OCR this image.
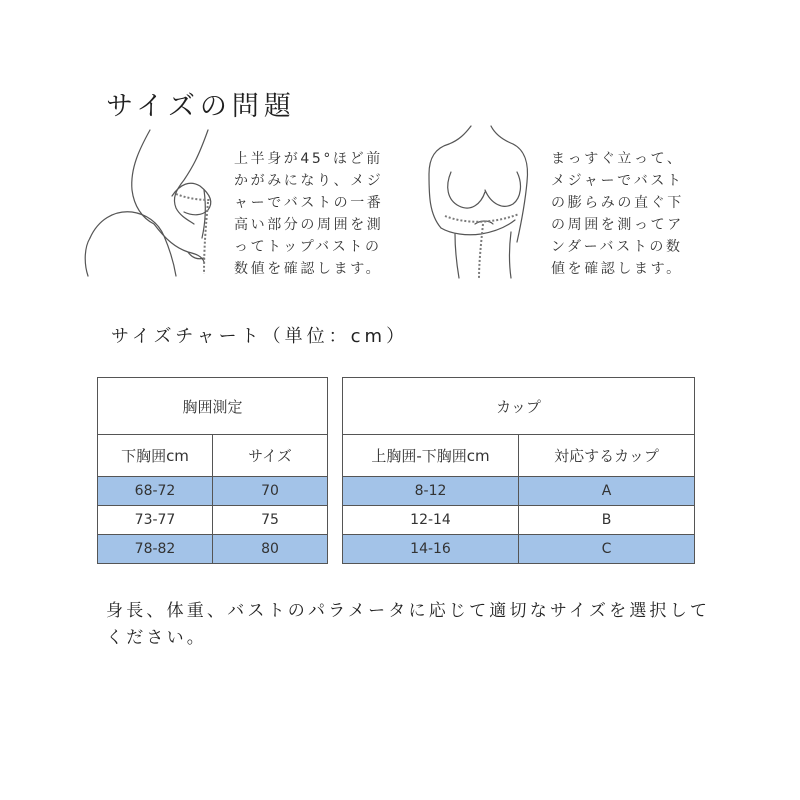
サイズの問題
上半身が45°ほど前
かがみになり、メジ
ャーでバストの一番
高い部分の周囲を測
ってトップバストの
数値を確認します。
まっすぐ立って、
メジャーでバスト
の膨らみの直ぐ下
の周囲を測ってア
ンダーバストの数
値を確認します。
サイズチャート（単位：cm）
胸囲測定	
下胸囲cm	サイズ
68-72	70
73-77	75
78-82	80
カップ	
上胸囲-下胸囲cm	対応するカップ
8-12	A
12-14	B
14-16	C
身長、体重、バストのパラメータに応じて適切なサイズを選択してください。
